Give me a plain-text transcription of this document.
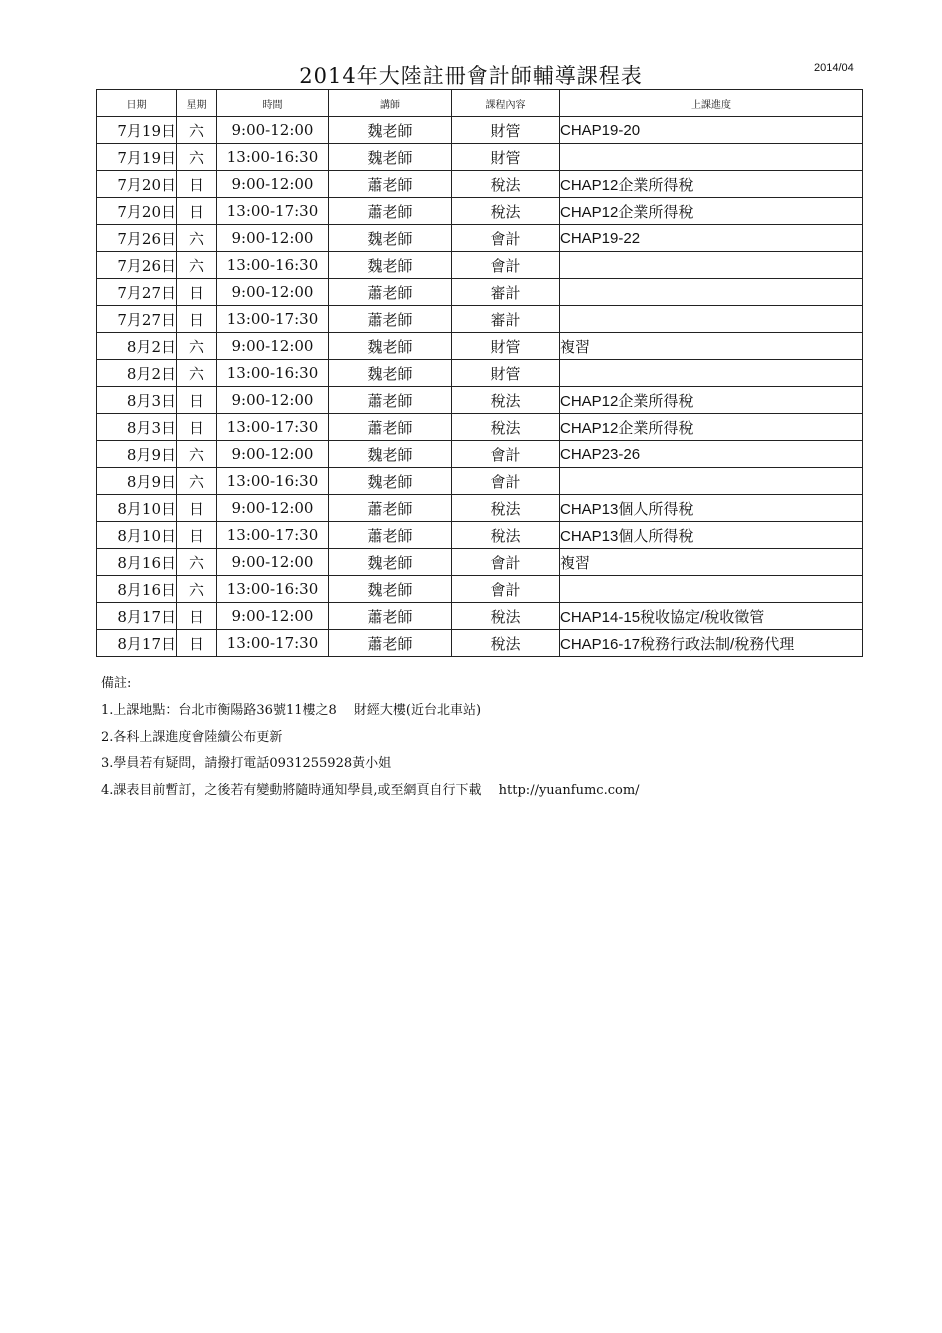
2014年大陸註冊會計師輔導課程表	2014/04
日期	星期	時間	講師	課程內容	上課進度
7月19日	六	9:00-12:00	魏老師	財管	CHAP19-20
7月19日	六	13:00-16:30	魏老師	財管	
7月20日	日	9:00-12:00	蕭老師	稅法	CHAP12企業所得稅
7月20日	日	13:00-17:30	蕭老師	稅法	CHAP12企業所得稅
7月26日	六	9:00-12:00	魏老師	會計	CHAP19-22
7月26日	六	13:00-16:30	魏老師	會計	
7月27日	日	9:00-12:00	蕭老師	審計	
7月27日	日	13:00-17:30	蕭老師	審計	
8月2日	六	9:00-12:00	魏老師	財管	複習
8月2日	六	13:00-16:30	魏老師	財管	
8月3日	日	9:00-12:00	蕭老師	稅法	CHAP12企業所得稅
8月3日	日	13:00-17:30	蕭老師	稅法	CHAP12企業所得稅
8月9日	六	9:00-12:00	魏老師	會計	CHAP23-26
8月9日	六	13:00-16:30	魏老師	會計	
8月10日	日	9:00-12:00	蕭老師	稅法	CHAP13個人所得稅
8月10日	日	13:00-17:30	蕭老師	稅法	CHAP13個人所得稅
8月16日	六	9:00-12:00	魏老師	會計	複習
8月16日	六	13:00-16:30	魏老師	會計	
8月17日	日	9:00-12:00	蕭老師	稅法	CHAP14-15稅收協定/稅收徵管
8月17日	日	13:00-17:30	蕭老師	稅法	CHAP16-17稅務行政法制/稅務代理
備註:
1.上課地點：台北市衡陽路36號11樓之8　 財經大樓(近台北車站)
2.各科上課進度會陸續公布更新
3.學員若有疑問，請撥打電話0931255928黃小姐
4.課表目前暫訂，之後若有變動將隨時通知學員,或至網頁自行下載　 http://yuanfumc.com/
